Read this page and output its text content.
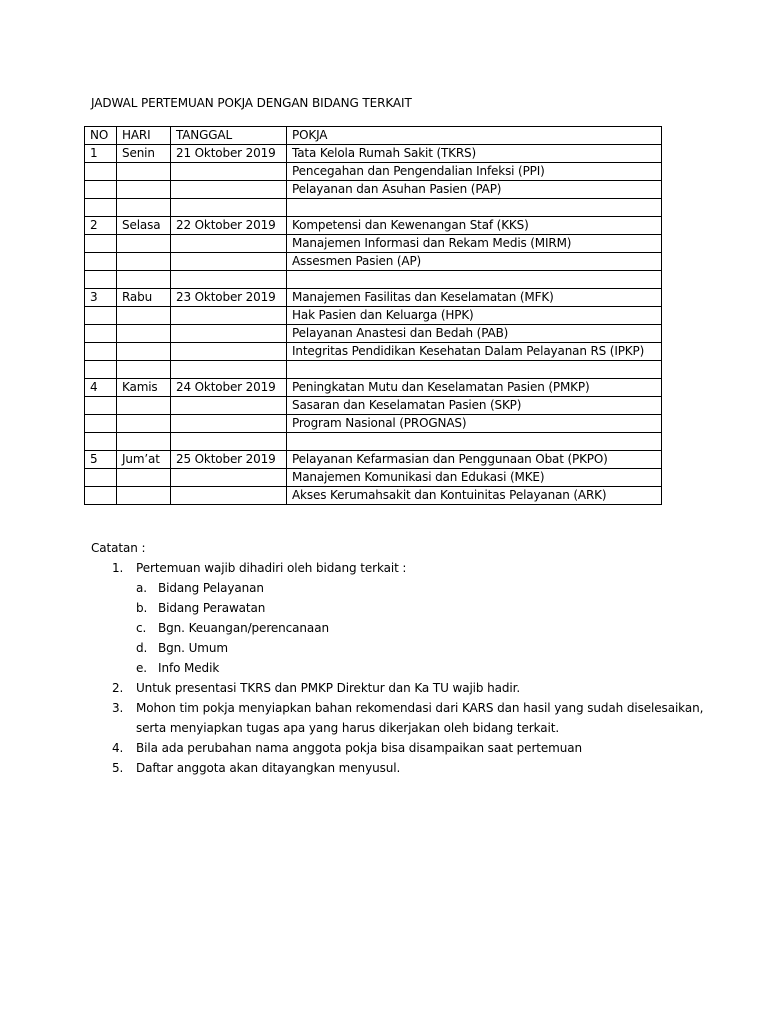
JADWAL PERTEMUAN POKJA DENGAN BIDANG TERKAIT
NO	HARI	TANGGAL	POKJA
1	Senin	21 Oktober 2019	Tata Kelola Rumah Sakit (TKRS)
			Pencegahan dan Pengendalian Infeksi (PPI)
			Pelayanan dan Asuhan Pasien (PAP)

2	Selasa	22 Oktober 2019	Kompetensi dan Kewenangan Staf (KKS)
			Manajemen Informasi dan Rekam Medis (MIRM)
			Assesmen Pasien (AP)

3	Rabu	23 Oktober 2019	Manajemen Fasilitas dan Keselamatan (MFK)
			Hak Pasien dan Keluarga (HPK)
			Pelayanan Anastesi dan Bedah (PAB)
			Integritas Pendidikan Kesehatan Dalam Pelayanan RS (IPKP)

4	Kamis	24 Oktober 2019	Peningkatan Mutu dan Keselamatan Pasien (PMKP)
			Sasaran dan Keselamatan Pasien (SKP)
			Program Nasional (PROGNAS)

5	Jum’at	25 Oktober 2019	Pelayanan Kefarmasian dan Penggunaan Obat (PKPO)
			Manajemen Komunikasi dan Edukasi (MKE)
			Akses Kerumahsakit dan Kontuinitas Pelayanan (ARK)
Catatan :
1. Pertemuan wajib dihadiri oleh bidang terkait :
a. Bidang Pelayanan
b. Bidang Perawatan
c. Bgn. Keuangan/perencanaan
d. Bgn. Umum
e. Info Medik
2. Untuk presentasi TKRS dan PMKP Direktur dan Ka TU wajib hadir.
3. Mohon tim pokja menyiapkan bahan rekomendasi dari KARS dan hasil yang sudah diselesaikan, serta menyiapkan tugas apa yang harus dikerjakan oleh bidang terkait.
4. Bila ada perubahan nama anggota pokja bisa disampaikan saat pertemuan
5. Daftar anggota akan ditayangkan menyusul.
